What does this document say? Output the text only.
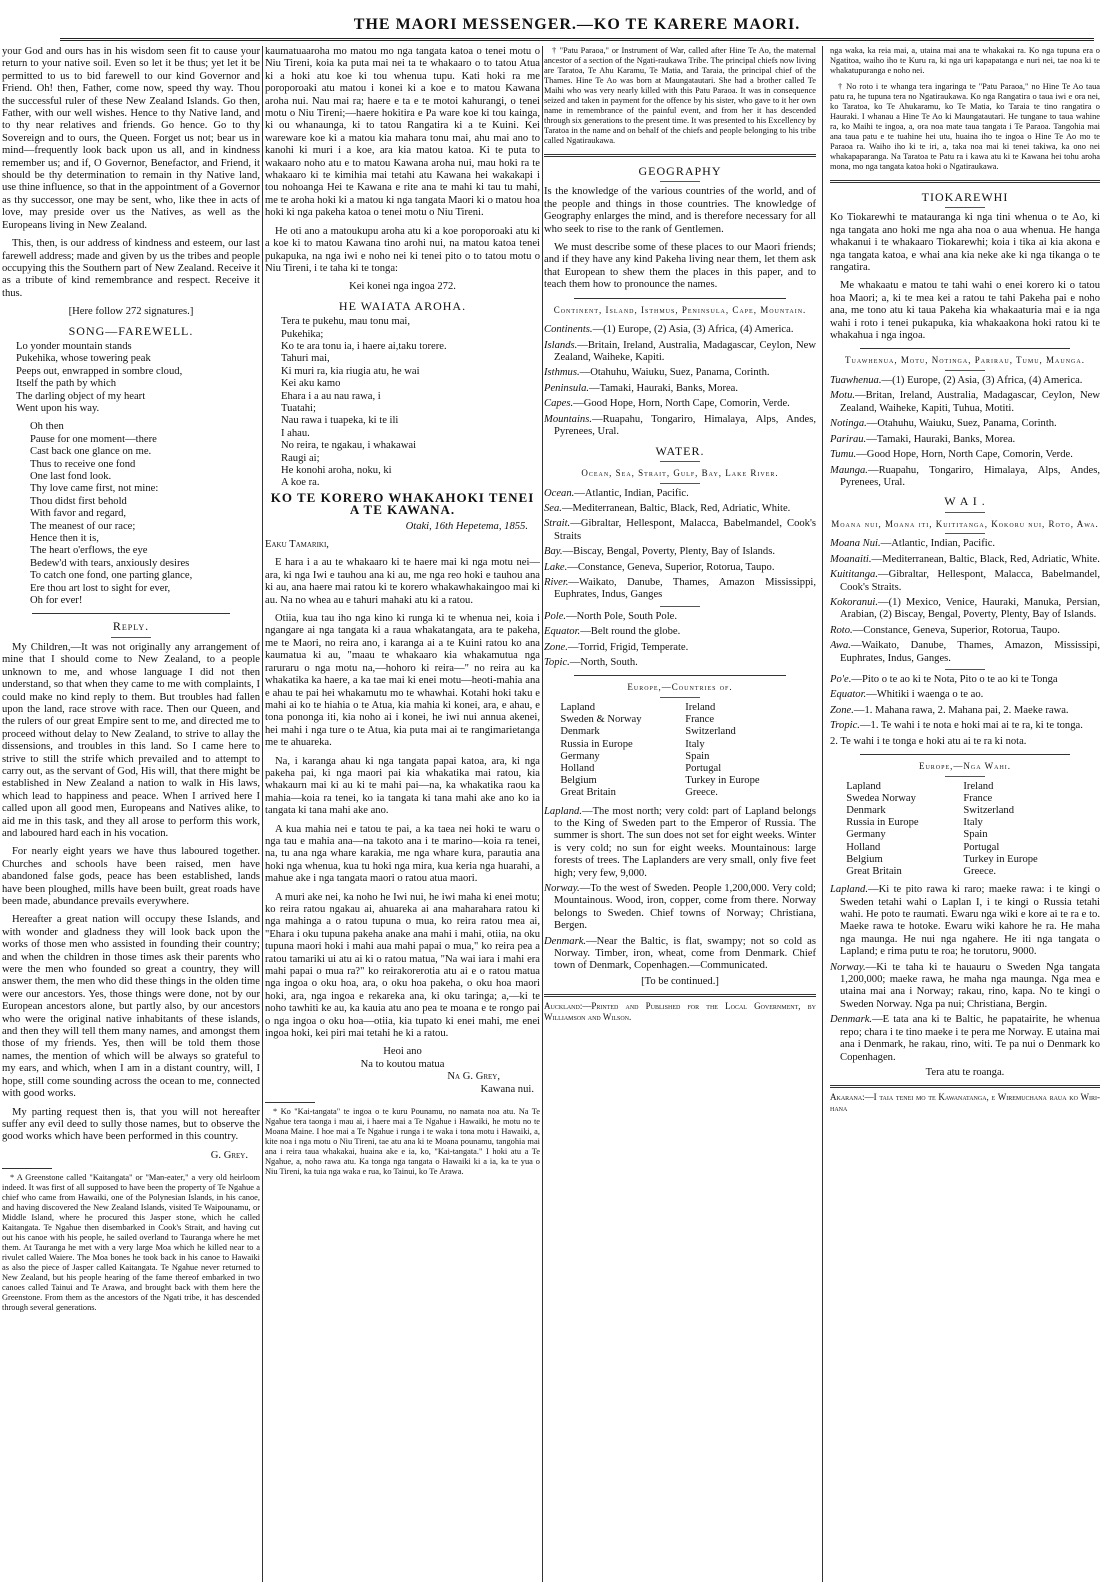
THE MAORI MESSENGER.—KO TE KARERE MAORI.

your God and ours has in his wisdom seen fit to cause your return to your native soil. Even so let it be thus; yet let it be permitted to us to bid farewell to our kind Governor and Friend. Oh! then, Father, come now, speed thy way. Thou the successful ruler of these New Zealand Islands. Go then, Father, with our well wishes. Hence to thy Native land, and to thy near relatives and friends. Go hence. Go to thy Sovereign and to ours, the Queen. Forget us not; bear us in mind—frequently look back upon us all, and in kindness remember us; and if, O Governor, Benefactor, and Friend, it should be thy determination to remain in thy Native land, use thine influence, so that in the appointment of a Governor as thy successor, one may be sent, who, like thee in acts of love, may preside over us the Natives, as well as the Europeans living in New Zealand.

This, then, is our address of kindness and esteem, our last farewell address; made and given by us the tribes and people occupying this the Southern part of New Zealand. Receive it as a tribute of kind remembrance and respect. Receive it thus.

[Here follow 272 signatures.]

SONG—FAREWELL.

Lo yonder mountain stands
Pukehika, whose towering peak
Peeps out, enwrapped in sombre cloud,
Itself the path by which
The darling object of my heart
Went upon his way.
Oh then
Pause for one moment—there
Cast back one glance on me.
Thus to receive one fond
One last fond look.
Thy love came first, not mine:
Thou didst first behold
With favor and regard,
The meanest of our race;
Hence then it is,
The heart o'erflows, the eye
Bedew'd with tears, anxiously desires
To catch one fond, one parting glance,
Ere thou art lost to sight for ever,
Oh for ever!

Reply.

My Children,—It was not originally any arrangement of mine that I should come to New Zealand, to a people unknown to me, and whose language I did not then understand, so that when they came to me with complaints, I could make no kind reply to them. But troubles had fallen upon the land, race strove with race. Then our Queen, and the rulers of our great Empire sent to me, and directed me to proceed without delay to New Zealand, to strive to allay the dissensions, and troubles in this land. So I came here to strive to still the strife which prevailed and to attempt to carry out, as the servant of God, His will, that there might be established in New Zealand a nation to walk in His laws, which lead to happiness and peace. When I arrived here I called upon all good men, Europeans and Natives alike, to aid me in this task, and they all arose to perform this work, and laboured hard each in his vocation.

For nearly eight years we have thus laboured together. Churches and schools have been raised, men have abandoned false gods, peace has been established, lands have been ploughed, mills have been built, great roads have been made, abundance prevails everywhere.

Hereafter a great nation will occupy these Islands, and with wonder and gladness they will look back upon the works of those men who assisted in founding their country; and when the children in those times ask their parents who were the men who founded so great a country, they will answer them, the men who did these things in the olden time were our ancestors. Yes, those things were done, not by our European ancestors alone, but partly also, by our ancestors who were the original native inhabitants of these islands, and then they will tell them many names, and amongst them those of my friends. Yes, then will be told them those names, the mention of which will be always so grateful to my ears, and which, when I am in a distant country, will, I hope, still come sounding across the ocean to me, connected with good works.

My parting request then is, that you will not hereafter suffer any evil deed to sully those names, but to observe the good works which have been performed in this country.

G. Grey.

* A Greenstone called "Kaitangata" or "Man-eater," a very old heirloom indeed. It was first of all supposed to have been the property of Te Ngahue a chief who came from Hawaiki, one of the Polynesian Islands, in his canoe, and having discovered the New Zealand Islands, visited Te Waipounamu, or Middle Island, where he procured this Jasper stone, which he called Kaitangata. Te Ngahue then disembarked in Cook's Strait, and having cut out his canoe with his people, he sailed overland to Tauranga where he met them. At Tauranga he met with a very large Moa which he killed near to a rivulet called Waiere. The Moa bones he took back in his canoe to Hawaiki as also the piece of Jasper called Kaitangata. Te Ngahue never returned to New Zealand, but his people hearing of the fame thereof embarked in two canoes called Tainui and Te Arawa, and brought back with them here the Greenstone. From them as the ancestors of the Ngati tribe, it has descended through several generations.

kaumatuaaroha mo matou mo nga tangata katoa o tenei motu o Niu Tireni, koia ka puta mai nei ta te whakaaro o to tatou Atua ki a hoki atu koe ki tou whenua tupu. Kati hoki ra me poroporoaki atu matou i konei ki a koe e to matou Kawana aroha nui. Nau mai ra; haere e ta e te motoi kahurangi, o tenei motu o Niu Tireni;—haere hokitira e Pa ware koe ki tou kainga, ki ou whanaunga, ki to tatou Rangatira ki a te Kuini. Kei wareware koe ki a matou kia mahara tonu mai, ahu mai ano to kanohi ki muri i a koe, ara kia matou katoa. Ki te puta to wakaaro noho atu e to matou Kawana aroha nui, mau hoki ra te whakaaro ki te kimihia mai tetahi atu Kawana hei wakakapi i tou nohoanga Hei te Kawana e rite ana te mahi ki tau tu mahi, me te aroha hoki ki a matou ki nga tangata Maori ki o matou hoa hoki ki nga pakeha katoa o tenei motu o Niu Tireni.

He oti ano a matoukupu aroha atu ki a koe poroporoaki atu ki a koe ki to matou Kawana tino arohi nui, na matou katoa tenei pukapuka, na nga iwi e noho nei ki tenei pito o to tatou motu o Niu Tireni, i te taha ki te tonga:

Kei konei nga ingoa 272.

HE WAIATA AROHA.

Tera te pukehu, mau tonu mai,
Pukehika;
Ko te ara tonu ia, i haere ai,taku torere.
Tahuri mai,
Ki muri ra, kia riugia atu, he wai
Kei aku kamo
Ehara i a au nau rawa, i
Tuatahi;
Nau rawa i tuapeka, ki te ili
I ahau.
No reira, te ngakau, i whakawai
Raugi ai;
He konohi aroha, noku, ki
A koe ra.

KO TE KORERO WHAKAHOKI TENEI A TE KAWANA.

Otaki, 16th Hepetema, 1855.

Eaku Tamariki,

E hara i a au te whakaaro ki te haere mai ki nga motu nei—ara, ki nga Iwi e tauhou ana ki au, me nga reo hoki e tauhou ana ki au, ana haere mai ratou ki te korero whakawhakaingoo mai ki au. Na no whea au e tahuri mahaki atu ki a ratou.

Otiia, kua tau iho nga kino ki runga ki te whenua nei, koia i ngangare ai nga tangata ki a raua whakatangata, ara te pakeha, me te Maori, no reira ano, i karanga ai a te Kuini ratou ko ana kaumatua ki au, "maau te whakaaro kia whakamutua nga raruraru o nga motu na,—hohoro ki reira—" no reira au ka whakatika ka haere, a ka tae mai ki enei motu—heoti-mahia ana e ahau te pai hei whakamutu mo te whawhai. Kotahi hoki taku e mahi ai ko te hiahia o te Atua, kia mahia ki konei, ara, e ahau, e tona pononga iti, kia noho ai i konei, he iwi nui annua akenei, hei mahi i nga ture o te Atua, kia puta mai ai te rangimarietanga me te ahuareka.

Na, i karanga ahau ki nga tangata papai katoa, ara, ki nga pakeha pai, ki nga maori pai kia whakatika mai ratou, kia whakaurn mai ki au ki te mahi pai—na, ka whakatika raou ka mahia—koia ra tenei, ko ia tangata ki tana mahi ake ano ko ia tangata ki tana mahi ake ano.

A kua mahia nei e tatou te pai, a ka taea nei hoki te waru o nga tau e mahia ana—na takoto ana i te marino—koia ra tenei, na, tu ana nga whare karakia, me nga whare kura, parautia ana hoki nga whenua, kua tu hoki nga mira, kua keria nga huarahi, a mahue ake i nga tangata maori o ratou atua maori.

A muri ake nei, ka noho he Iwi nui, he iwi maha ki enei motu; ko reira ratou ngakau ai, ahuareka ai ana maharahara ratou ki nga mahinga a o ratou tupuna o mua, ko reira ratou mea ai, "Ehara i oku tupuna pakeha anake ana mahi i mahi, otiia, na oku tupuna maori hoki i mahi aua mahi papai o mua," ko reira pea a ratou tamariki ui atu ai ki o ratou matua, "Na wai iara i mahi era mahi papai o mua ra?" ko reirakorerotia atu ai e o ratou matua nga ingoa o oku hoa, ara, o oku hoa pakeha, o oku hoa maori hoki, ara, nga ingoa e rekareka ana, ki oku taringa; a,—ki te noho tawhiti ke au, ka kauia atu ano pea te moana e te rongo pai o nga ingoa o oku hoa—otiia, kia tupato ki enei mahi, me enei ingoa hoki, kei piri mai tetahi he ki a ratou.

Heoi ano

Na to koutou matua

Na G. Grey,

Kawana nui.

* Ko "Kai-tangata" te ingoa o te kuru Pounamu, no namata noa atu. Na Te Ngahue tera taonga i mau ai, i haere mai a Te Ngahue i Hawaiki, he motu no te Moana Maine. I hoe mai a Te Ngahue i runga i te waka i tona motu i Hawaiki, a, kite noa i nga motu o Niu Tireni, tae atu ana ki te Moana pounamu, tangohia mai ana i reira taua whakakai, huaina ake e ia, ko, "Kai-tangata." I hoki atu a Te Ngahue, a, noho rawa atu. Ka tonga nga tangata o Hawaiki ki a ia, ka te yua o Niu Tireni, ka tuia nga waka e rua, ko Tainui, ko Te Arawa.

† "Patu Paraoa," or Instrument of War, called after Hine Te Ao, the maternal ancestor of a section of the Ngati-raukawa Tribe. The principal chiefs now living are Taratoa, Te Ahu Karamu, Te Matia, and Taraia, the principal chief of the Thames. Hine Te Ao was born at Maungatautari. She had a brother called Te Maihi who was very nearly killed with this Patu Paraoa. It was in consequence seized and taken in payment for the offence by his sister, who gave to it her own name in remembrance of the painful event, and from her it has descended through six generations to the present time. It was presented to his Excellency by Taratoa in the name and on behalf of the chiefs and people belonging to his tribe called Ngatiraukawa.

GEOGRAPHY

Is the knowledge of the various countries of the world, and of the people and things in those countries. The knowledge of Geography enlarges the mind, and is therefore necessary for all who seek to rise to the rank of Gentlemen.

We must describe some of these places to our Maori friends; and if they have any kind Pakeha living near them, let them ask that European to shew them the places in this paper, and to teach them how to pronounce the names.

Continent, Island, Isthmus, Peninsula, Cape, Mountain.

Continents.—(1) Europe, (2) Asia, (3) Africa, (4) America.

Islands.—Britain, Ireland, Australia, Madagascar, Ceylon, New Zealand, Waiheke, Kapiti.

Isthmus.—Otahuhu, Waiuku, Suez, Panama, Corinth.

Peninsula.—Tamaki, Hauraki, Banks, Morea.

Capes.—Good Hope, Horn, North Cape, Comorin, Verde.

Mountains.—Ruapahu, Tongariro, Himalaya, Alps, Andes, Pyrenees, Ural.

WATER.

Ocean, Sea, Strait, Gulf, Bay, Lake River.

Ocean.—Atlantic, Indian, Pacific.

Sea.—Mediterranean, Baltic, Black, Red, Adriatic, White.

Strait.—Gibraltar, Hellespont, Malacca, Babelmandel, Cook's Straits

Bay.—Biscay, Bengal, Poverty, Plenty, Bay of Islands.

Lake.—Constance, Geneva, Superior, Rotorua, Taupo.

River.—Waikato, Danube, Thames, Amazon Mississippi, Euphrates, Indus, Ganges

Pole.—North Pole, South Pole.

Equator.—Belt round the globe.

Zone.—Torrid, Frigid, Temperate.

Topic.—North, South.

Europe,—Countries of.

Lapland	Ireland
Sweden & Norway	France
Denmark	Switzerland
Russia in Europe	Italy
Germany	Spain
Holland	Portugal
Belgium	Turkey in Europe
Great Britain	Greece.

Lapland.—The most north; very cold: part of Lapland belongs to the King of Sweden part to the Emperor of Russia. The summer is short. The sun does not set for eight weeks. Winter is very cold; no sun for eight weeks. Mountainous: large forests of trees. The Laplanders are very small, only five feet high; very few, 9,000.

Norway.—To the west of Sweden. People 1,200,000. Very cold; Mountainous. Wood, iron, copper, come from there. Norway belongs to Sweden. Chief towns of Norway; Christiana, Bergen.

Denmark.—Near the Baltic, is flat, swampy; not so cold as Norway. Timber, iron, wheat, come from Denmark. Chief town of Denmark, Copenhagen.—Communicated.

[To be continued.]

Auckland:—Printed and Published for the Local Government, by Williamson and Wilson.

nga waka, ka reia mai, a, utaina mai ana te whakakai ra. Ko nga tupuna era o Ngatitoa, waiho iho te Kuru ra, ki nga uri kapapatanga e nuri nei, tae noa ki te whakatupuranga e noho nei.

† No roto i te whanga tera ingaringa te "Patu Paraoa," no Hine Te Ao taua patu ra, he tupuna tera no Ngatiraukawa. Ko nga Rangatira o taua iwi e ora nei, ko Taratoa, ko Te Ahukaramu, ko Te Matia, ko Taraia te tino rangatira o Hauraki. I whanau a Hine Te Ao ki Maungatautari. He tungane to taua wahine ra, ko Maihi te ingoa, a, ora noa mate taua tangata i Te Paraoa. Tangohia mai ana taua patu e te tuahine hei utu, huaina iho te ingoa o Hine Te Ao mo te Paraoa ra. Waiho iho ki te iri, a, taka noa mai ki tenei takiwa, ka ono nei whakapaparanga. Na Taratoa te Patu ra i kawa atu ki te Kawana hei tohu aroha mona, mo nga tangata katoa hoki o Ngatiraukawa.

TIOKAREWHI

Ko Tiokarewhi te matauranga ki nga tini whenua o te Ao, ki nga tangata ano hoki me nga aha noa o aua whenua. He hanga whakanui i te whakaaro Tiokarewhi; koia i tika ai kia akona e nga tangata katoa, e whai ana kia neke ake ki nga tikanga o te rangatira.

Me whakaatu e matou te tahi wahi o enei korero ki o tatou hoa Maori; a, ki te mea kei a ratou te tahi Pakeha pai e noho ana, me tono atu ki taua Pakeha kia whakaaturia mai e ia nga wahi i roto i tenei pukapuka, kia whakaakona hoki ratou ki te whakahua i nga ingoa.

Tuawhenua, Motu, Notinga, Parirau, Tumu, Maunga.

Tuawhenua.—(1) Europe, (2) Asia, (3) Africa, (4) America.

Motu.—Britan, Ireland, Australia, Madagascar, Ceylon, New Zealand, Waiheke, Kapiti, Tuhua, Motiti.

Notinga.—Otahuhu, Waiuku, Suez, Panama, Corinth.

Parirau.—Tamaki, Hauraki, Banks, Morea.

Tumu.—Good Hope, Horn, North Cape, Comorin, Verde.

Maunga.—Ruapahu, Tongariro, Himalaya, Alps, Andes, Pyrenees, Ural.

W A I .

Moana nui, Moana iti, Kuititanga, Kokoru nui, Roto, Awa.

Moana Nui.—Atlantic, Indian, Pacific.

Moanaiti.—Mediterranean, Baltic, Black, Red, Adriatic, White.

Kuititanga.—Gibraltar, Hellespont, Malacca, Babelmandel, Cook's Straits.

Kokoranui.—(1) Mexico, Venice, Hauraki, Manuka, Persian, Arabian, (2) Biscay, Bengal, Poverty, Plenty, Bay of Islands.

Roto.—Constance, Geneva, Superior, Rotorua, Taupo.

Awa.—Waikato, Danube, Thames, Amazon, Mississipi, Euphrates, Indus, Ganges.

Po'e.—Pito o te ao ki te Nota, Pito o te ao ki te Tonga

Equator.—Whitiki i waenga o te ao.

Zone.—1. Mahana rawa, 2. Mahana pai, 2. Maeke rawa.

Tropic.—1. Te wahi i te nota e hoki mai ai te ra, ki te tonga.

2. Te wahi i te tonga e hoki atu ai te ra ki nota.

Europe,—Nga Wahi.

Lapland	Ireland
Swedea Norway	France
Denmark	Switzerland
Russia in Europe	Italy
Germany	Spain
Holland	Portugal
Belgium	Turkey in Europe
Great Britain	Greece.

Lapland.—Ki te pito rawa ki raro; maeke rawa: i te kingi o Sweden tetahi wahi o Laplan I, i te kingi o Russia tetahi wahi. He poto te raumati. Ewaru nga wiki e kore ai te ra e to. Maeke rawa te hotoke. Ewaru wiki kahore he ra. He maha nga maunga. He nui nga ngahere. He iti nga tangata o Lapland; e rima putu te roa; he torutoru, 9000.

Norway.—Ki te taha ki te hauauru o Sweden Nga tangata 1,200,000; maeke rawa, he maha nga maunga. Nga mea e utaina mai ana i Norway; rakau, rino, kapa. No te kingi o Sweden Norway. Nga pa nui; Christiana, Bergin.

Denmark.—E tata ana ki te Baltic, he papatairite, he whenua repo; chara i te tino maeke i te pera me Norway. E utaina mai ana i Denmark, he rakau, rino, witi. Te pa nui o Denmark ko Copenhagen.

Tera atu te roanga.

Akarana:—I taia tenei mo te Kawanatanga, e Wiremuchana raua ko Wiri-hana
